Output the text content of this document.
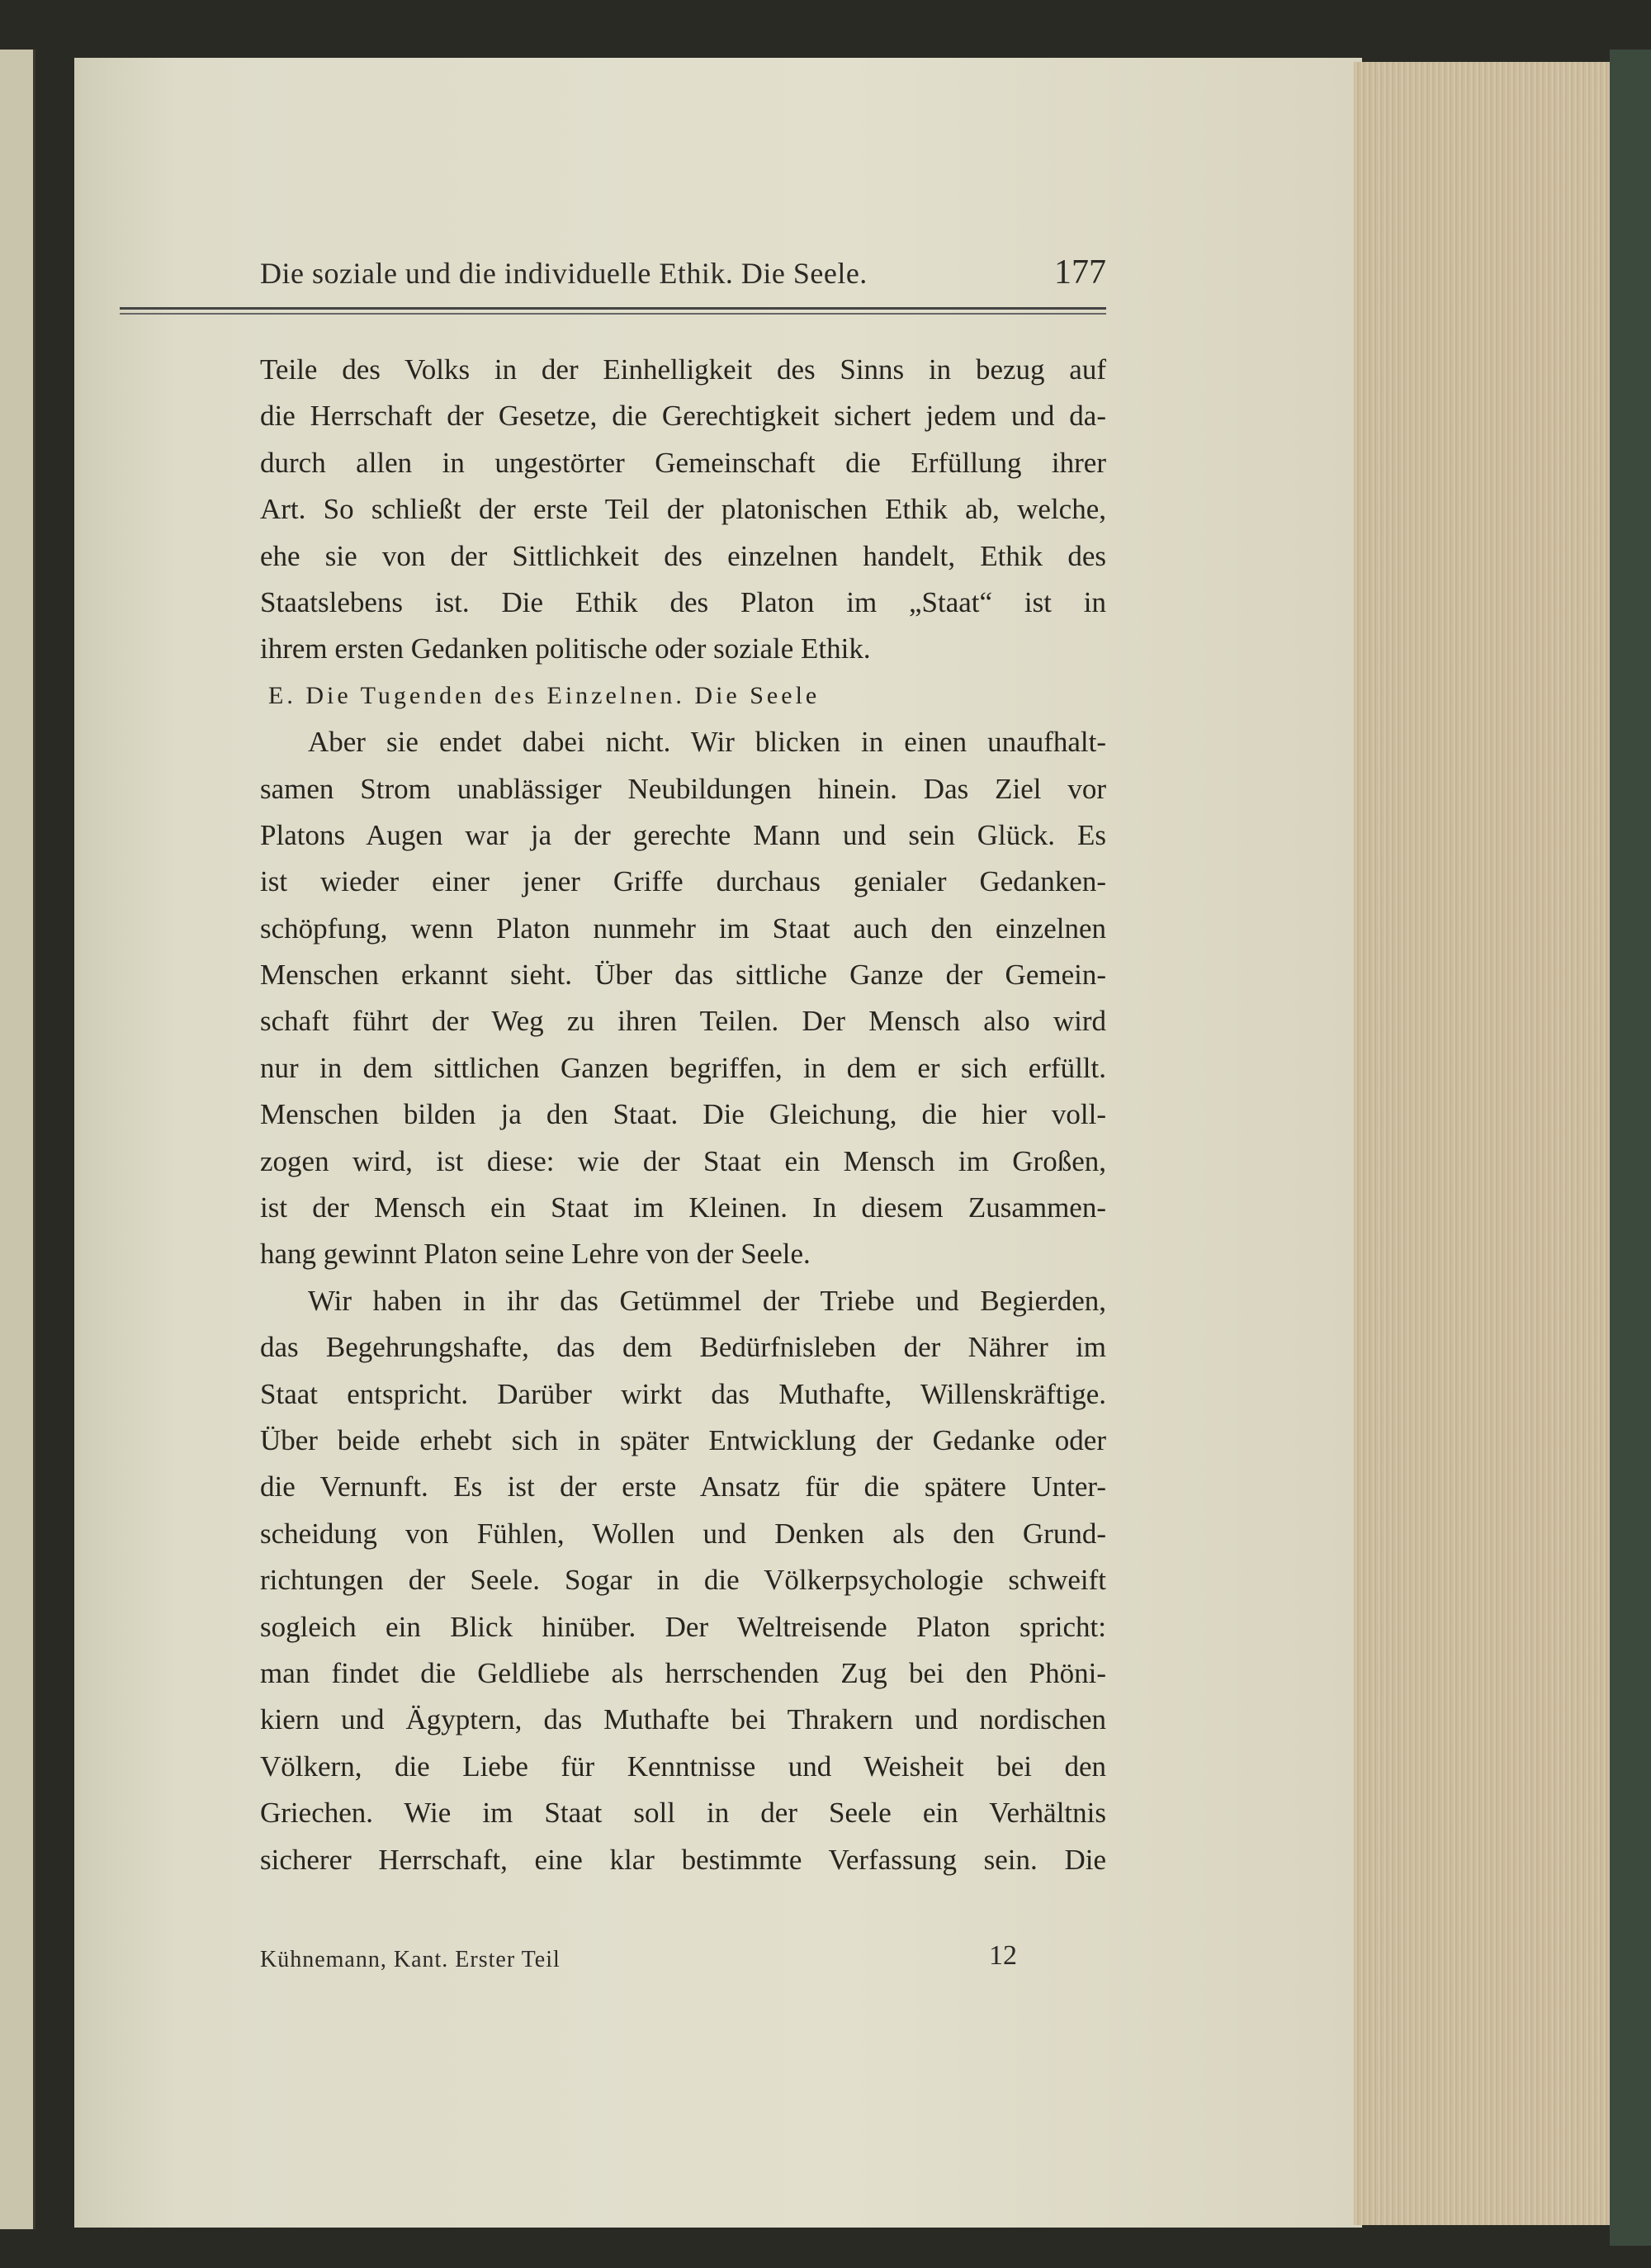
Die soziale und die individuelle Ethik. Die Seele.	177
Teile des Volks in der Einhelligkeit des Sinns in bezug auf
die Herrschaft der Gesetze, die Gerechtigkeit sichert jedem und da-
durch allen in ungestörter Gemeinschaft die Erfüllung ihrer
Art. So schließt der erste Teil der platonischen Ethik ab, welche,
ehe sie von der Sittlichkeit des einzelnen handelt, Ethik des
Staatslebens ist. Die Ethik des Platon im „Staat“ ist in
ihrem ersten Gedanken politische oder soziale Ethik.
E. Die Tugenden des Einzelnen. Die Seele
Aber sie endet dabei nicht. Wir blicken in einen unaufhalt-
samen Strom unablässiger Neubildungen hinein. Das Ziel vor
Platons Augen war ja der gerechte Mann und sein Glück. Es
ist wieder einer jener Griffe durchaus genialer Gedanken-
schöpfung, wenn Platon nunmehr im Staat auch den einzelnen
Menschen erkannt sieht. Über das sittliche Ganze der Gemein-
schaft führt der Weg zu ihren Teilen. Der Mensch also wird
nur in dem sittlichen Ganzen begriffen, in dem er sich erfüllt.
Menschen bilden ja den Staat. Die Gleichung, die hier voll-
zogen wird, ist diese: wie der Staat ein Mensch im Großen,
ist der Mensch ein Staat im Kleinen. In diesem Zusammen-
hang gewinnt Platon seine Lehre von der Seele.
Wir haben in ihr das Getümmel der Triebe und Begierden,
das Begehrungshafte, das dem Bedürfnisleben der Nährer im
Staat entspricht. Darüber wirkt das Muthafte, Willenskräftige.
Über beide erhebt sich in später Entwicklung der Gedanke oder
die Vernunft. Es ist der erste Ansatz für die spätere Unter-
scheidung von Fühlen, Wollen und Denken als den Grund-
richtungen der Seele. Sogar in die Völkerpsychologie schweift
sogleich ein Blick hinüber. Der Weltreisende Platon spricht:
man findet die Geldliebe als herrschenden Zug bei den Phöni-
kiern und Ägyptern, das Muthafte bei Thrakern und nordischen
Völkern, die Liebe für Kenntnisse und Weisheit bei den
Griechen. Wie im Staat soll in der Seele ein Verhältnis
sicherer Herrschaft, eine klar bestimmte Verfassung sein. Die
Kühnemann, Kant. Erster Teil	12
